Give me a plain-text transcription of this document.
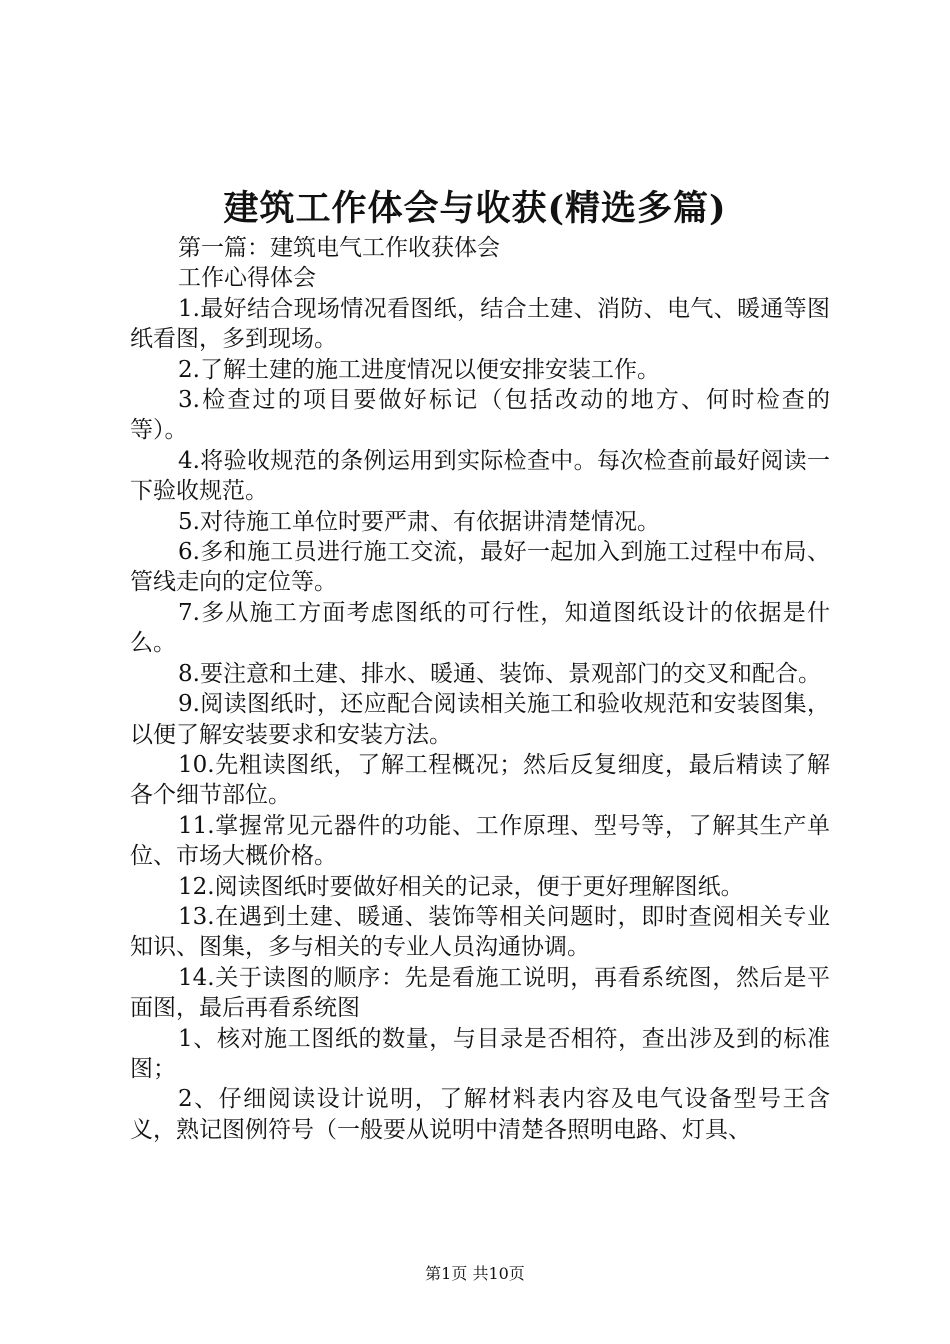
建筑工作体会与收获(精选多篇)

第一篇：建筑电气工作收获体会

工作心得体会

1.最好结合现场情况看图纸，结合土建、消防、电气、暖通等图纸看图，多到现场。

2.了解土建的施工进度情况以便安排安装工作。

3.检查过的项目要做好标记（包括改动的地方、何时检查的等）。

4.将验收规范的条例运用到实际检查中。每次检查前最好阅读一下验收规范。

5.对待施工单位时要严肃、有依据讲清楚情况。

6.多和施工员进行施工交流，最好一起加入到施工过程中布局、管线走向的定位等。

7.多从施工方面考虑图纸的可行性，知道图纸设计的依据是什么。

8.要注意和土建、排水、暖通、装饰、景观部门的交叉和配合。

9.阅读图纸时，还应配合阅读相关施工和验收规范和安装图集，以便了解安装要求和安装方法。

10.先粗读图纸，了解工程概况；然后反复细度，最后精读了解各个细节部位。

11.掌握常见元器件的功能、工作原理、型号等，了解其生产单位、市场大概价格。

12.阅读图纸时要做好相关的记录，便于更好理解图纸。

13.在遇到土建、暖通、装饰等相关问题时，即时查阅相关专业知识、图集，多与相关的专业人员沟通协调。

14.关于读图的顺序：先是看施工说明，再看系统图，然后是平面图，最后再看系统图

1、核对施工图纸的数量，与目录是否相符，查出涉及到的标准图；

2、仔细阅读设计说明，了解材料表内容及电气设备型号王含义，熟记图例符号（一般要从说明中清楚各照明电路、灯具、

第1页 共10页
